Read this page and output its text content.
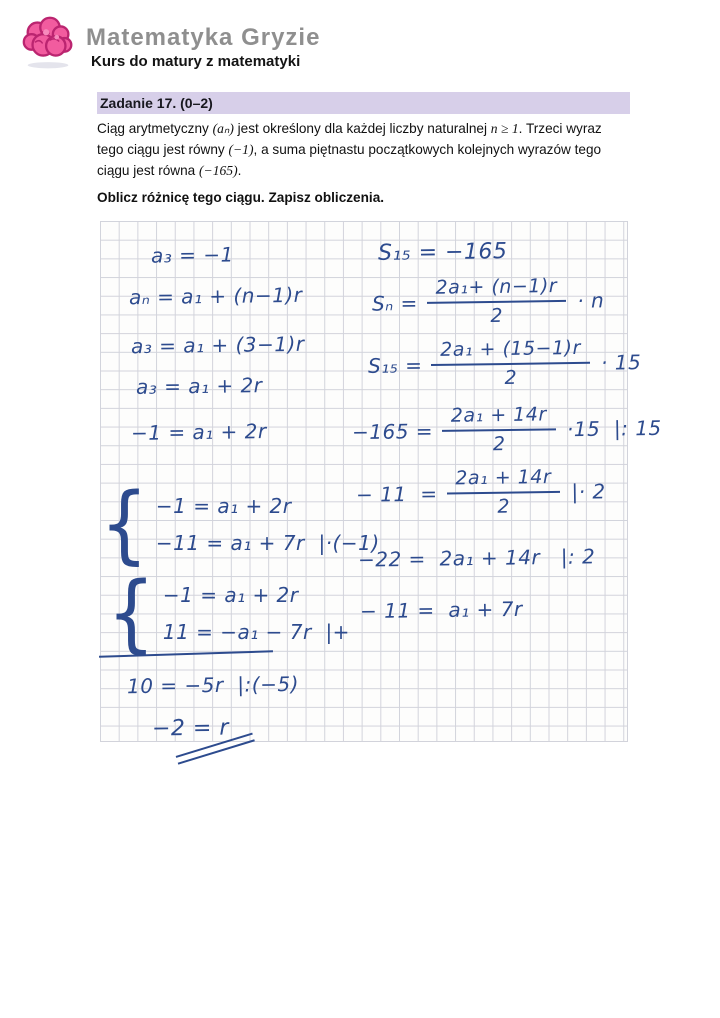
Matematyka Gryzie
Kurs do matury z matematyki
Zadanie 17. (0–2)
Ciąg arytmetyczny (aₙ) jest określony dla każdej liczby naturalnej n ≥ 1. Trzeci wyraz tego ciągu jest równy (−1), a suma piętnastu początkowych kolejnych wyrazów tego ciągu jest równa (−165).
Oblicz różnicę tego ciągu. Zapisz obliczenia.
a₃ = −1
aₙ = a₁ + (n−1)r
a₃ = a₁ + (3−1)r
a₃ = a₁ + 2r
−1 = a₁ + 2r
{ −1 = a₁ + 2r
−11 = a₁ + 7r  |·(−1)
{ −1 = a₁ + 2r
11 = −a₁ − 7r  |+
10 = −5r  |:(−5)
−2 = r
S₁₅ = −165
$S_n = \frac{\text{2a₁+ (n−1)r}}{2} \cdot n$
$S_{15} = \frac{\text{2a₁ + (15−1)r}}{2} \cdot 15$
$-165 = \frac{\text{2a₁ + 14r}}{2} \cdot 15$  |: 15
− $11 = \frac{\text{2a₁ + 14r}}{2}$ |· 2
−22 =  2a₁ + 14r   |: 2
− 11 =  a₁ + 7r
